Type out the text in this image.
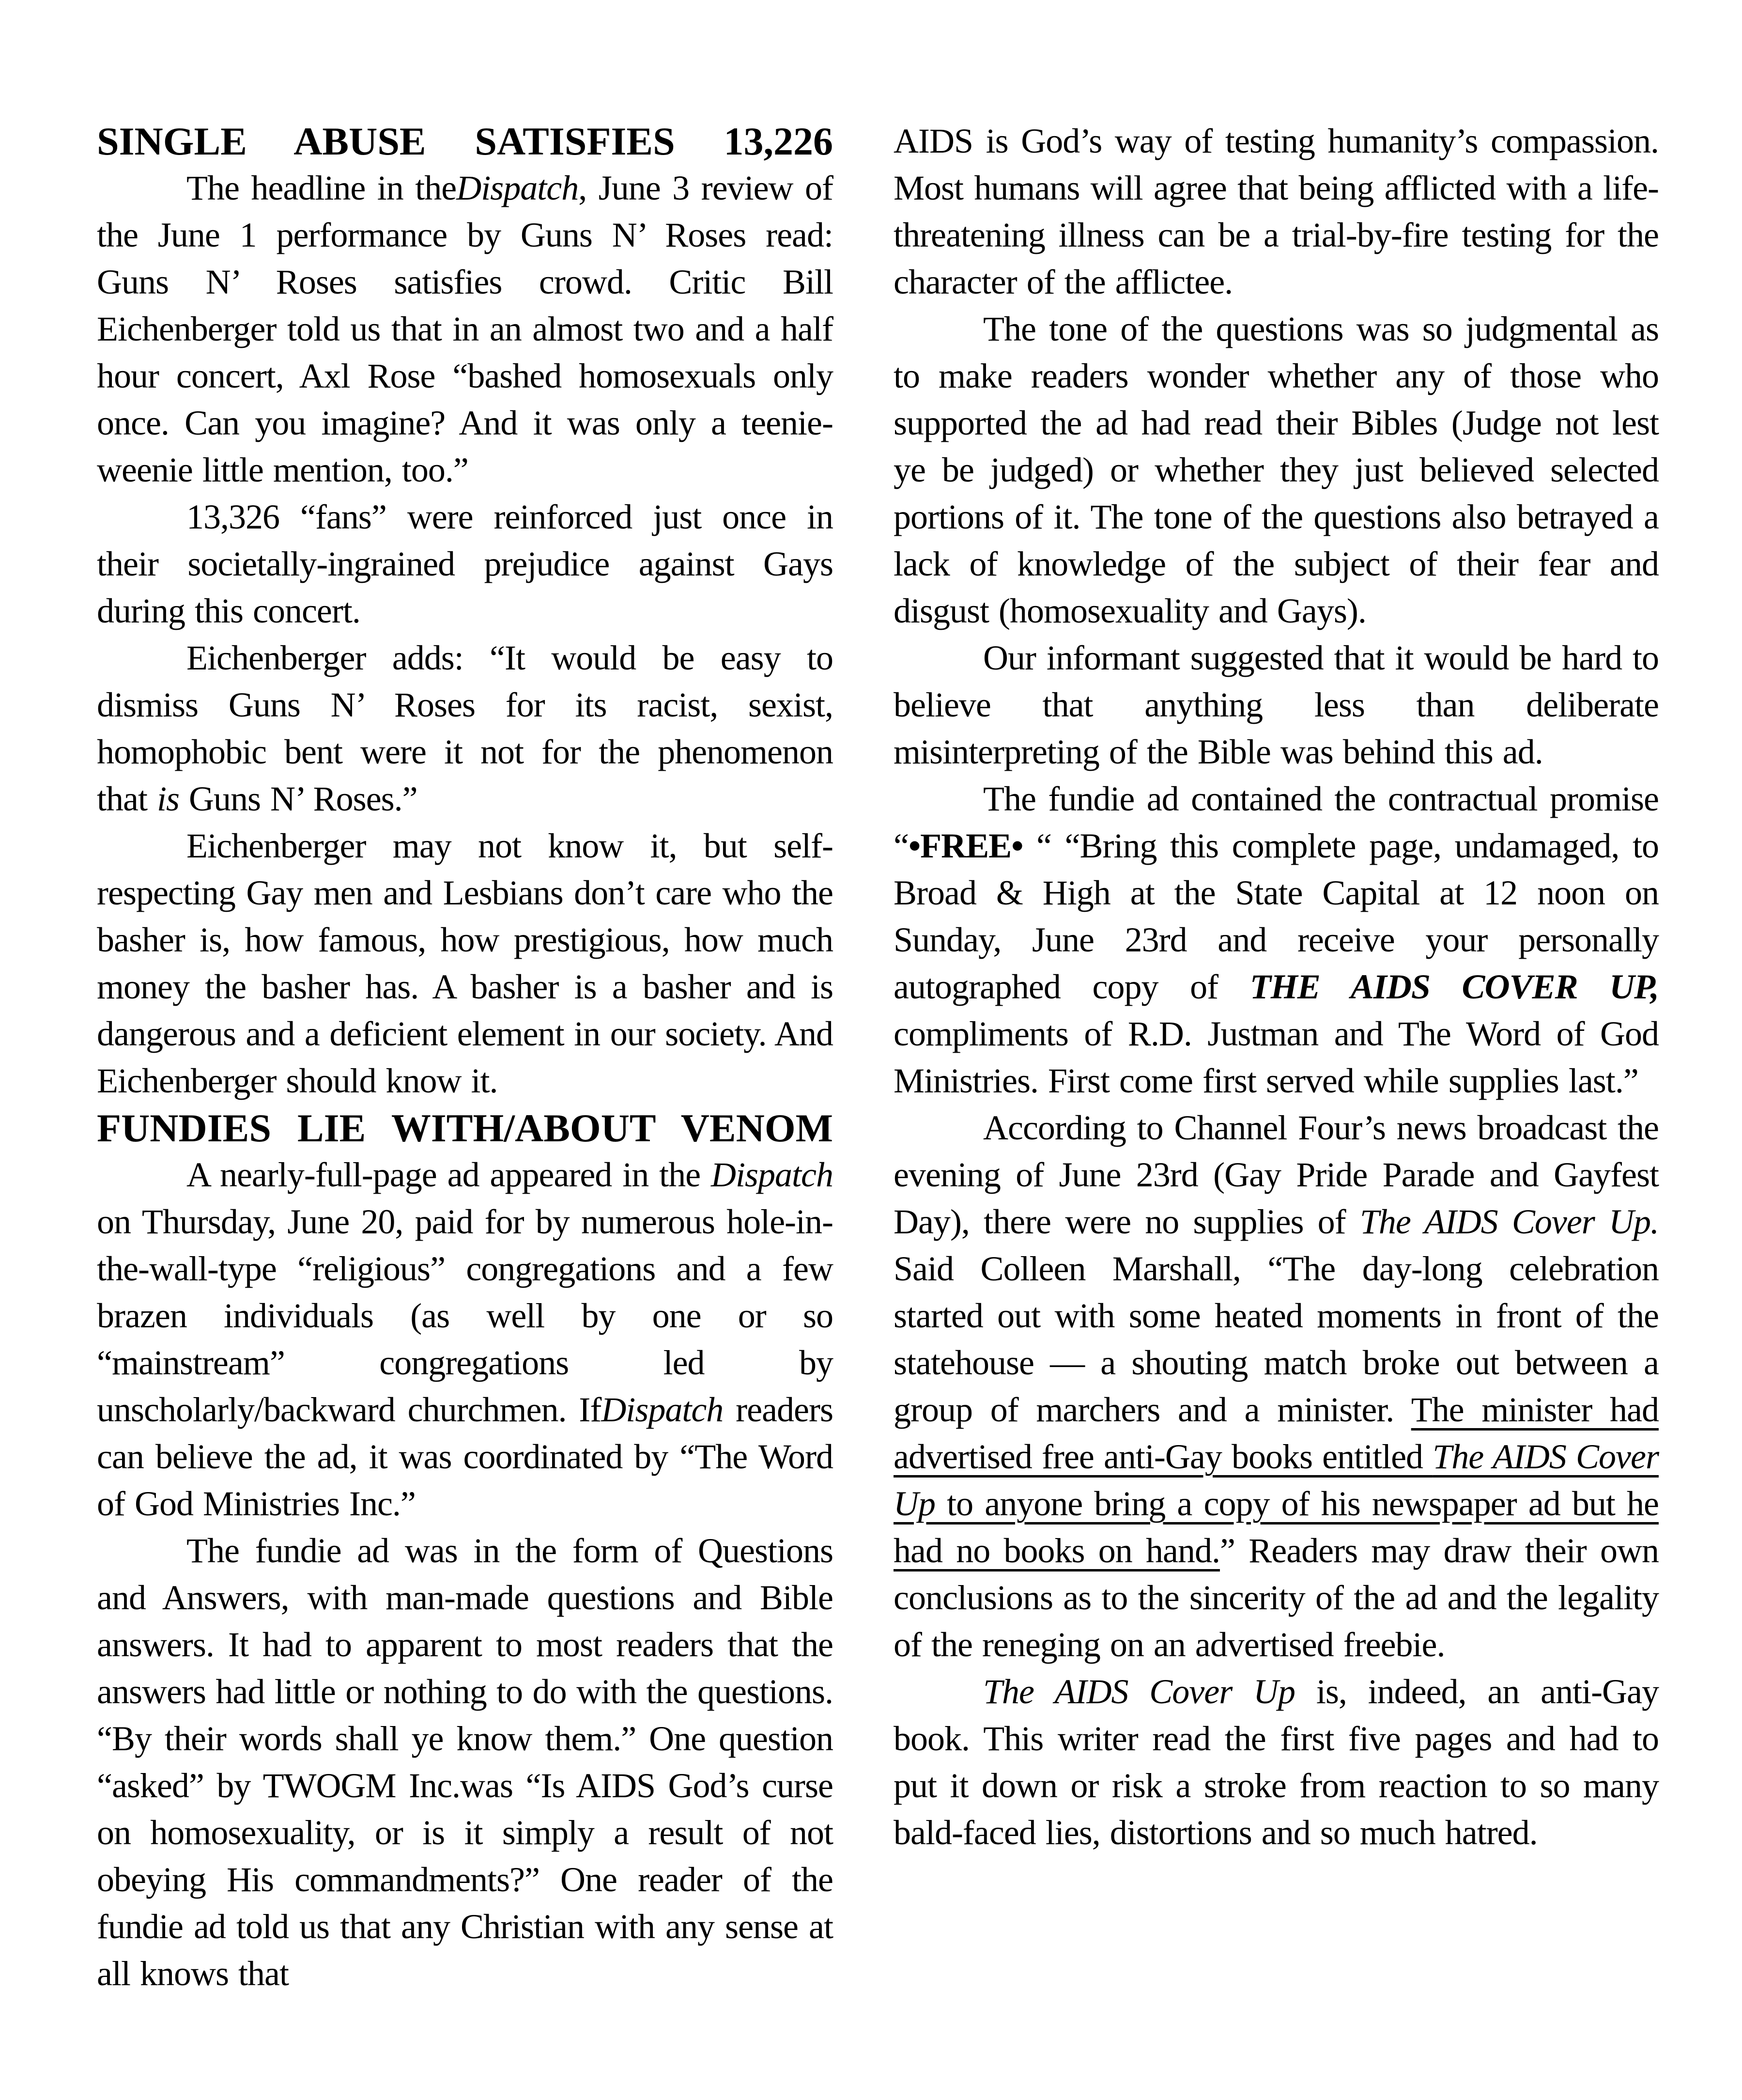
SINGLE ABUSE SATISFIES 13,226

The headline in theDispatch, June 3 review of the June 1 performance by Guns N’ Roses read: Guns N’ Roses satisfies crowd. Critic Bill Eichenberger told us that in an almost two and a half hour concert, Axl Rose “bashed homosexuals only once. Can you imagine? And it was only a teenie-weenie little mention, too.”

13,326 “fans” were reinforced just once in their societally-ingrained prejudice against Gays during this concert.

Eichenberger adds: “It would be easy to dismiss Guns N’ Roses for its racist, sexist, homophobic bent were it not for the phenomenon that is Guns N’ Roses.”

Eichenberger may not know it, but self-respecting Gay men and Lesbians don’t care who the basher is, how famous, how prestigious, how much money the basher has. A basher is a basher and is dangerous and a deficient element in our society. And Eichenberger should know it.

FUNDIES LIE WITH/ABOUT VENOM

A nearly-full-page ad appeared in the Dispatch on Thursday, June 20, paid for by numerous hole-in-the-wall-type “religious” congregations and a few brazen individuals (as well by one or so “mainstream” congregations led by unscholarly/backward churchmen. IfDispatch readers can believe the ad, it was coordinated by “The Word of God Ministries Inc.”

The fundie ad was in the form of Questions and Answers, with man-made questions and Bible answers. It had to apparent to most readers that the answers had little or nothing to do with the questions. “By their words shall ye know them.” One question “asked” by TWOGM Inc.was “Is AIDS God’s curse on homosexuality, or is it simply a result of not obeying His commandments?” One reader of the fundie ad told us that any Christian with any sense at all knows that

AIDS is God’s way of testing humanity’s compassion. Most humans will agree that being afflicted with a life-threatening illness can be a trial-by-fire testing for the character of the afflictee.

The tone of the questions was so judgmental as to make readers wonder whether any of those who supported the ad had read their Bibles (Judge not lest ye be judged) or whether they just believed selected portions of it. The tone of the questions also betrayed a lack of knowledge of the subject of their fear and disgust (homosexuality and Gays).

Our informant suggested that it would be hard to believe that anything less than deliberate misinterpreting of the Bible was behind this ad.

The fundie ad contained the contractual promise “•FREE• “ “Bring this complete page, undamaged, to Broad & High at the State Capital at 12 noon on Sunday, June 23rd and receive your personally autographed copy of THE AIDS COVER UP, compliments of R.D. Justman and The Word of God Ministries. First come first served while supplies last.”

According to Channel Four’s news broadcast the evening of June 23rd (Gay Pride Parade and Gayfest Day), there were no supplies of The AIDS Cover Up. Said Colleen Marshall, “The day-long celebration started out with some heated moments in front of the statehouse — a shouting match broke out between a group of marchers and a minister. The minister had advertised free anti-Gay books entitled The AIDS Cover Up to anyone bring a copy of his newspaper ad but he had no books on hand.” Readers may draw their own conclusions as to the sincerity of the ad and the legality of the reneging on an advertised freebie.

The AIDS Cover Up is, indeed, an anti-Gay book. This writer read the first five pages and had to put it down or risk a stroke from reaction to so many bald-faced lies, distortions and so much hatred.
